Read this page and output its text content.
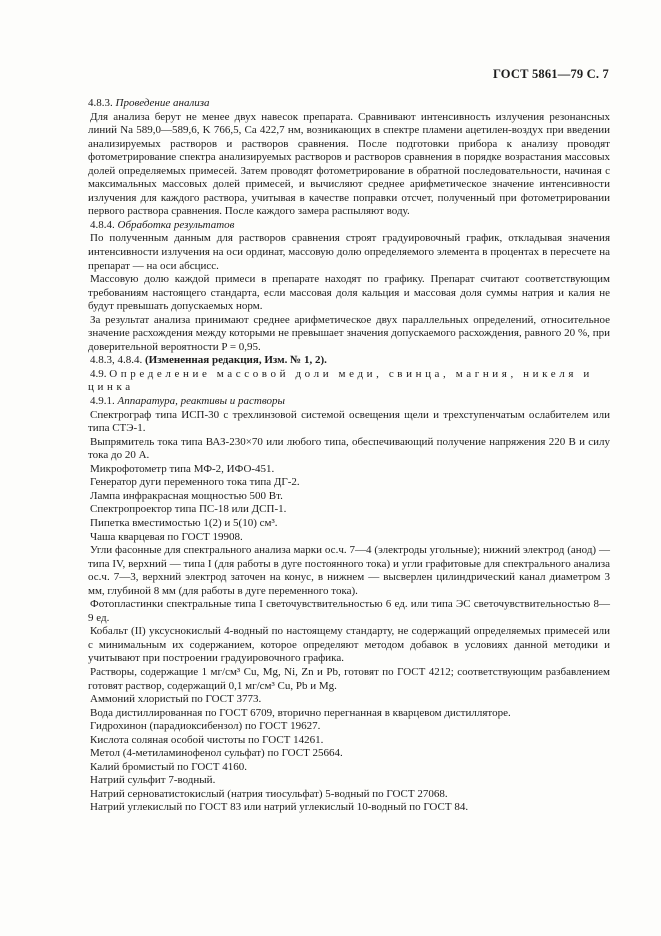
ГОСТ 5861—79 С. 7

4.8.3. Проведение анализа

Для анализа берут не менее двух навесок препарата. Сравнивают интенсивность излучения резонансных линий Na 589,0—589,6, K 766,5, Ca 422,7 нм, возникающих в спектре пламени ацетилен-воздух при введении анализируемых растворов и растворов сравнения. После подготовки прибора к анализу проводят фотометрирование спектра анализируемых растворов и растворов сравнения в порядке возрастания массовых долей определяемых примесей. Затем проводят фотометрирование в обратной последовательности, начиная с максимальных массовых долей примесей, и вычисляют среднее арифметическое значение интенсивности излучения для каждого раствора, учитывая в качестве поправки отсчет, полученный при фотометрировании первого раствора сравнения. После каждого замера распыляют воду.

4.8.4. Обработка результатов

По полученным данным для растворов сравнения строят градуировочный график, откладывая значения интенсивности излучения на оси ординат, массовую долю определяемого элемента в процентах в пересчете на препарат — на оси абсцисс.

Массовую долю каждой примеси в препарате находят по графику. Препарат считают соответствующим требованиям настоящего стандарта, если массовая доля кальция и массовая доля суммы натрия и калия не будут превышать допускаемых норм.

За результат анализа принимают среднее арифметическое двух параллельных определений, относительное значение расхождения между которыми не превышает значения допускаемого расхождения, равного 20 %, при доверительной вероятности P = 0,95.

4.8.3, 4.8.4. (Измененная редакция, Изм. № 1, 2).

4.9. Определение массовой доли меди, свинца, магния, никеля и цинка

4.9.1. Аппаратура, реактивы и растворы

Спектрограф типа ИСП-30 с трехлинзовой системой освещения щели и трехступенчатым ослабителем или типа СТЭ-1.

Выпрямитель тока типа ВАЗ-230×70 или любого типа, обеспечивающий получение напряжения 220 В и силу тока до 20 А.

Микрофотометр типа МФ-2, ИФО-451.

Генератор дуги переменного тока типа ДГ-2.

Лампа инфракрасная мощностью 500 Вт.

Спектропроектор типа ПС-18 или ДСП-1.

Пипетка вместимостью 1(2) и 5(10) см³.

Чаша кварцевая по ГОСТ 19908.

Угли фасонные для спектрального анализа марки ос.ч. 7—4 (электроды угольные); нижний электрод (анод) — типа IV, верхний — типа I (для работы в дуге постоянного тока) и угли графитовые для спектрального анализа ос.ч. 7—3, верхний электрод заточен на конус, в нижнем — высверлен цилиндрический канал диаметром 3 мм, глубиной 8 мм (для работы в дуге переменного тока).

Фотопластинки спектральные типа I светочувствительностью 6 ед. или типа ЭС светочувствительностью 8—9 ед.

Кобальт (II) уксуснокислый 4-водный по настоящему стандарту, не содержащий определяемых примесей или с минимальным их содержанием, которое определяют методом добавок в условиях данной методики и учитывают при построении градуировочного графика.

Растворы, содержащие 1 мг/см³ Cu, Mg, Ni, Zn и Pb, готовят по ГОСТ 4212; соответствующим разбавлением готовят раствор, содержащий 0,1 мг/см³ Cu, Pb и Mg.

Аммоний хлористый по ГОСТ 3773.

Вода дистиллированная по ГОСТ 6709, вторично перегнанная в кварцевом дистилляторе.

Гидрохинон (парадиоксибензол) по ГОСТ 19627.

Кислота соляная особой чистоты по ГОСТ 14261.

Метол (4-метиламинофенол сульфат) по ГОСТ 25664.

Калий бромистый по ГОСТ 4160.

Натрий сульфит 7-водный.

Натрий серноватистокислый (натрия тиосульфат) 5-водный по ГОСТ 27068.

Натрий углекислый по ГОСТ 83 или натрий углекислый 10-водный по ГОСТ 84.
